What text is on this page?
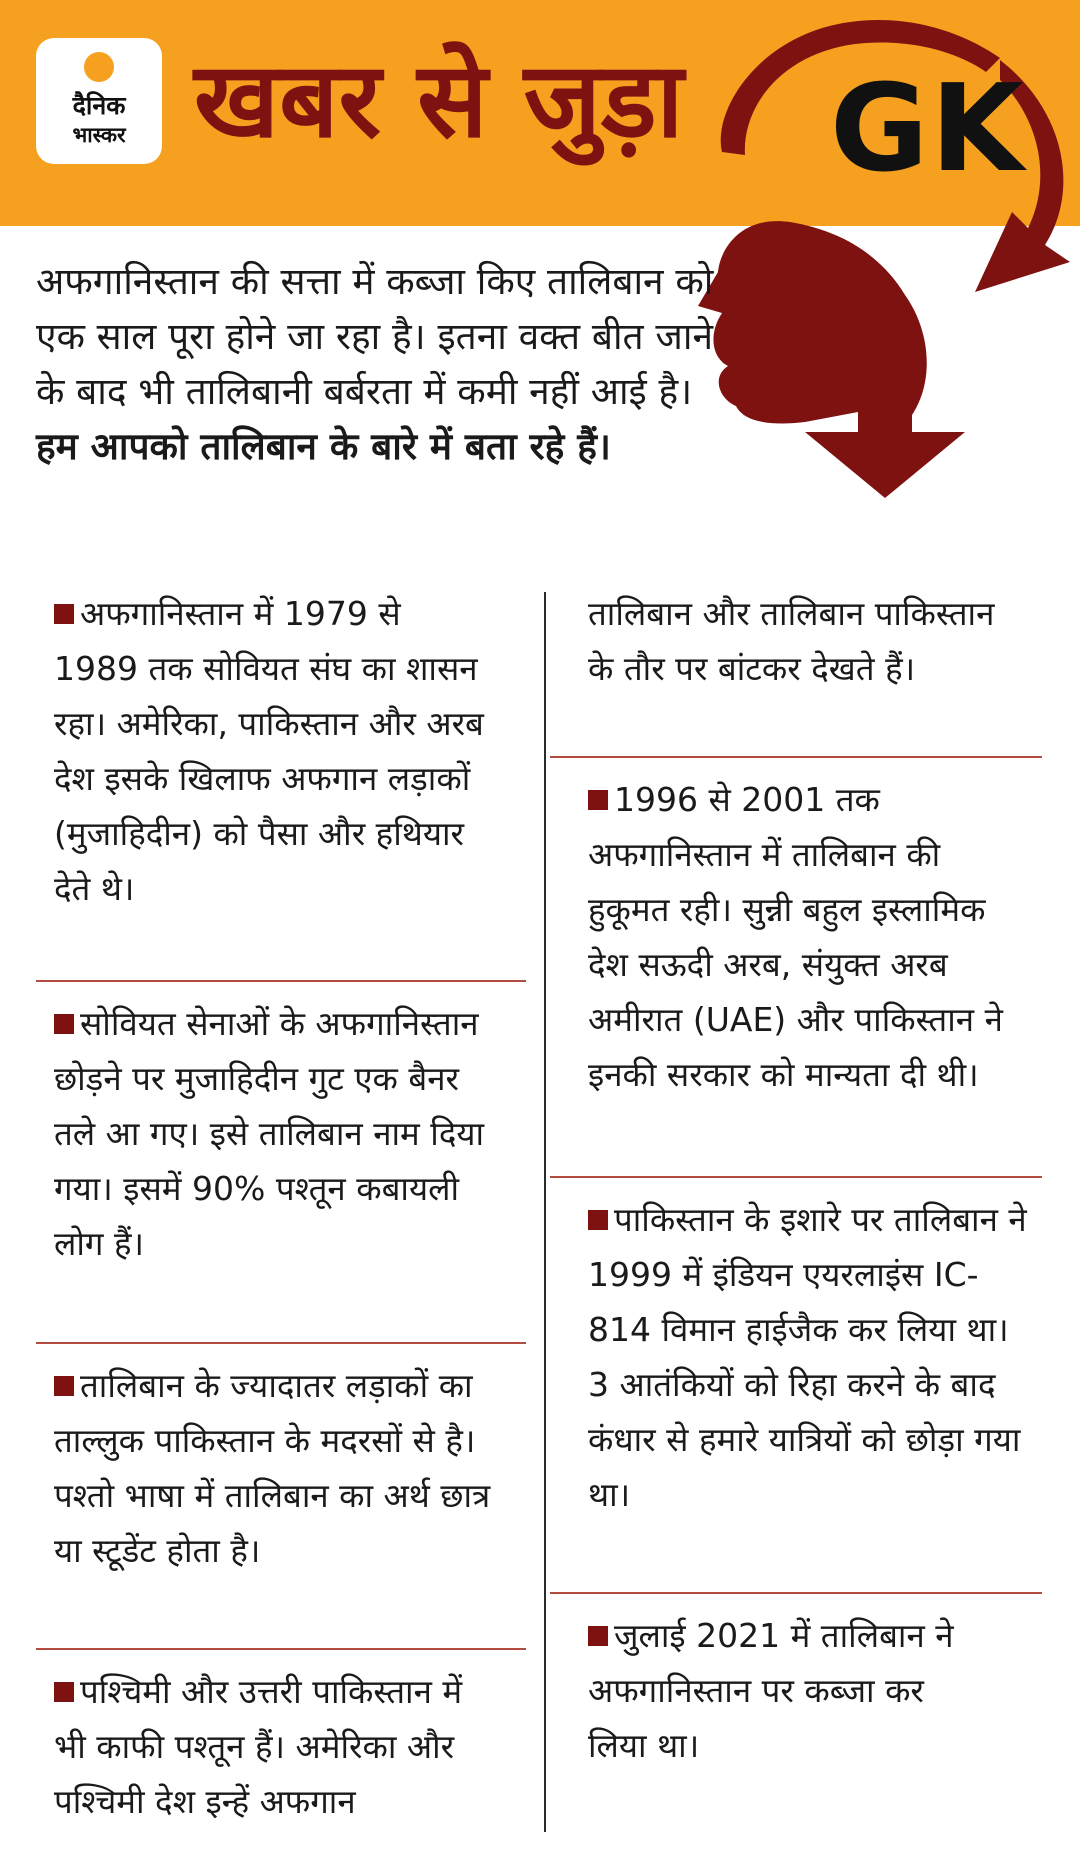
दैनिक
भास्कर खबर से जुड़ा GK
अफगानिस्तान की सत्ता में कब्जा किए तालिबान को एक साल पूरा होने जा रहा है। इतना वक्त बीत जाने के बाद भी तालिबानी बर्बरता में कमी नहीं आई है। हम आपको तालिबान के बारे में बता रहे हैं।
अफगानिस्तान में 1979 से 1989 तक सोवियत संघ का शासन रहा। अमेरिका, पाकिस्तान और अरब देश इसके खिलाफ अफगान लड़ाकों (मुजाहिदीन) को पैसा और हथियार देते थे।
सोवियत सेनाओं के अफगानिस्तान छोड़ने पर मुजाहिदीन गुट एक बैनर तले आ गए। इसे तालिबान नाम दिया गया। इसमें 90% पश्तून कबायली लोग हैं।
तालिबान के ज्यादातर लड़ाकों का ताल्लुक पाकिस्तान के मदरसों से है। पश्तो भाषा में तालिबान का अर्थ छात्र या स्टूडेंट होता है।
पश्चिमी और उत्तरी पाकिस्तान में भी काफी पश्तून हैं। अमेरिका और पश्चिमी देश इन्हें अफगान
तालिबान और तालिबान पाकिस्तान के तौर पर बांटकर देखते हैं।
1996 से 2001 तक अफगानिस्तान में तालिबान की हुकूमत रही। सुन्नी बहुल इस्लामिक देश सऊदी अरब, संयुक्त अरब अमीरात (UAE) और पाकिस्तान ने इनकी सरकार को मान्यता दी थी।
पाकिस्तान के इशारे पर तालिबान ने 1999 में इंडियन एयरलाइंस IC-814 विमान हाईजैक कर लिया था। 3 आतंकियों को रिहा करने के बाद कंधार से हमारे यात्रियों को छोड़ा गया था।
जुलाई 2021 में तालिबान ने अफगानिस्तान पर कब्जा कर लिया था।
